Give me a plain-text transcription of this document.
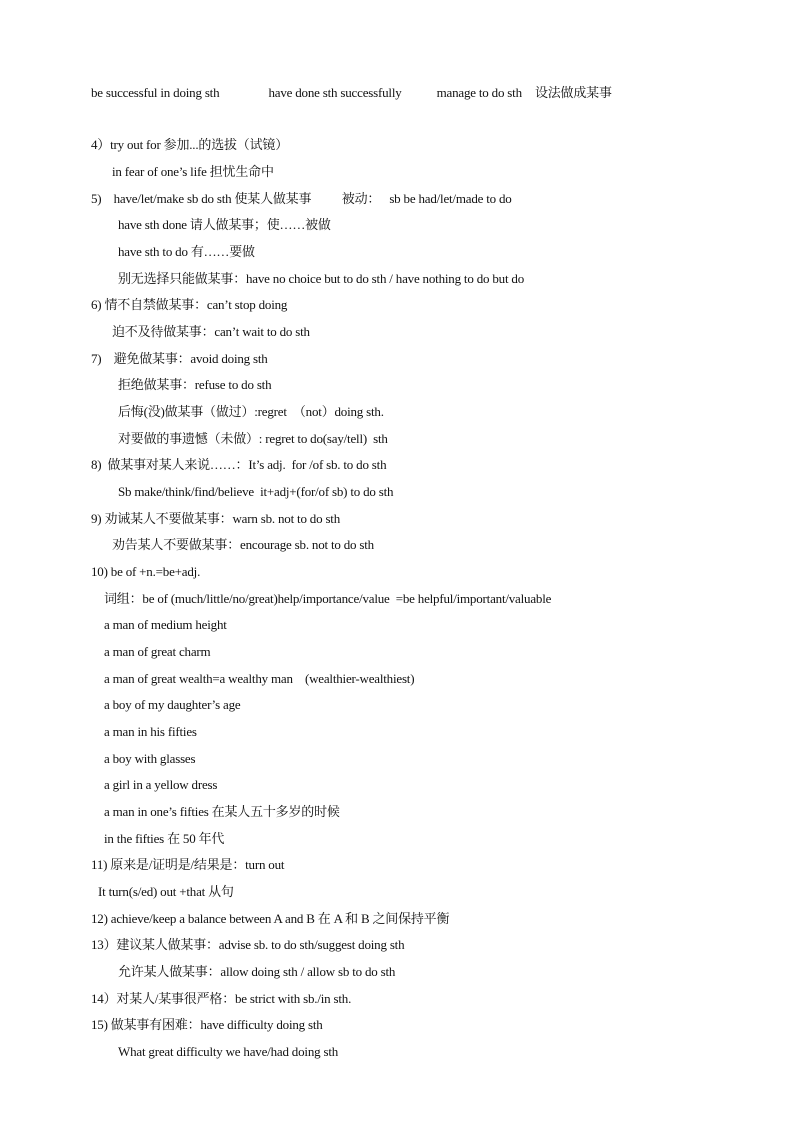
be successful in doing sth	have done sth successfully	manage to do sth 设法做成某事
4）try out for 参加...的选拔（试镜）
in fear of one’s life 担忧生命中
5)    have/let/make sb do sth 使某人做某事          被动：   sb be had/let/made to do
have sth done 请人做某事；使……被做
have sth to do 有……要做
别无选择只能做某事：have no choice but to do sth / have nothing to do but do
6) 情不自禁做某事：can’t stop doing
迫不及待做某事：can’t wait to do sth
7)    避免做某事：avoid doing sth
拒绝做某事：refuse to do sth
后悔(没)做某事（做过）:regret  （not）doing sth.
对要做的事遗憾（未做）: regret to do(say/tell)  sth
8)  做某事对某人来说……：It’s adj.  for /of sb. to do sth
Sb make/think/find/believe  it+adj+(for/of sb) to do sth
9) 劝诫某人不要做某事：warn sb. not to do sth
劝告某人不要做某事：encourage sb. not to do sth
10) be of +n.=be+adj.
词组：be of (much/little/no/great)help/importance/value  =be helpful/important/valuable
a man of medium height
a man of great charm
a man of great wealth=a wealthy man    (wealthier-wealthiest)
a boy of my daughter’s age
a man in his fifties
a boy with glasses
a girl in a yellow dress
a man in one’s fifties 在某人五十多岁的时候
in the fifties 在 50 年代
11) 原来是/证明是/结果是：turn out
It turn(s/ed) out +that 从句
12) achieve/keep a balance between A and B 在 A 和 B 之间保持平衡
13）建议某人做某事：advise sb. to do sth/suggest doing sth
允许某人做某事：allow doing sth / allow sb to do sth
14）对某人/某事很严格：be strict with sb./in sth.
15) 做某事有困难：have difficulty doing sth
What great difficulty we have/had doing sth
